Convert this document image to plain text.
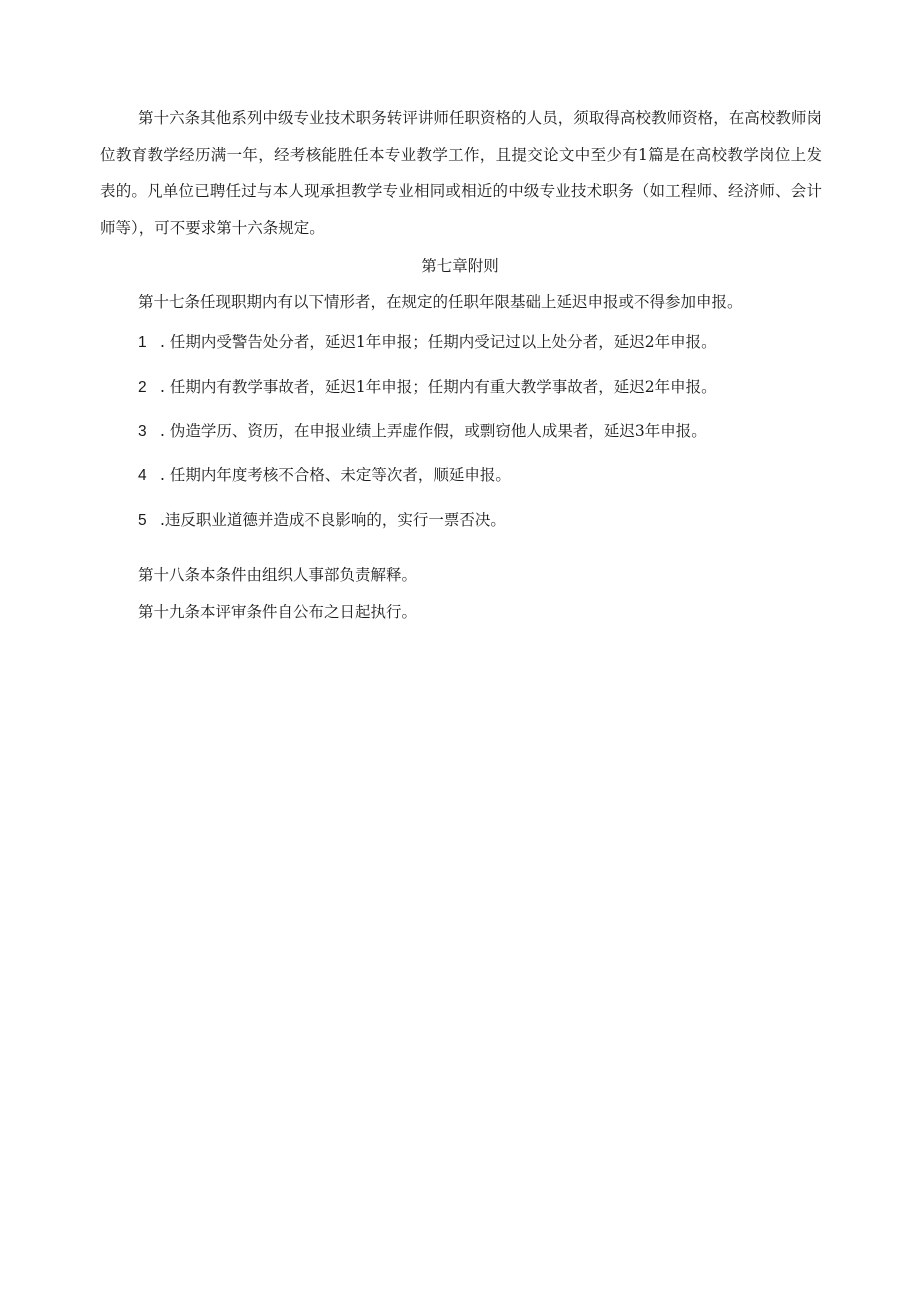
第十六条其他系列中级专业技术职务转评讲师任职资格的人员，须取得高校教师资格，在高校教师岗位教育教学经历满一年，经考核能胜任本专业教学工作，且提交论文中至少有1篇是在高校教学岗位上发表的。凡单位已聘任过与本人现承担教学专业相同或相近的中级专业技术职务（如工程师、经济师、会计师等），可不要求第十六条规定。

第七章附则

第十七条任现职期内有以下情形者，在规定的任职年限基础上延迟申报或不得参加申报。

1 . 任期内受警告处分者，延迟1年申报；任期内受记过以上处分者，延迟2年申报。

2 . 任期内有教学事故者，延迟1年申报；任期内有重大教学事故者，延迟2年申报。

3 . 伪造学历、资历，在申报业绩上弄虚作假，或剽窃他人成果者，延迟3年申报。

4 . 任期内年度考核不合格、未定等次者，顺延申报。

5 .违反职业道德并造成不良影响的，实行一票否决。

第十八条本条件由组织人事部负责解释。

第十九条本评审条件自公布之日起执行。
